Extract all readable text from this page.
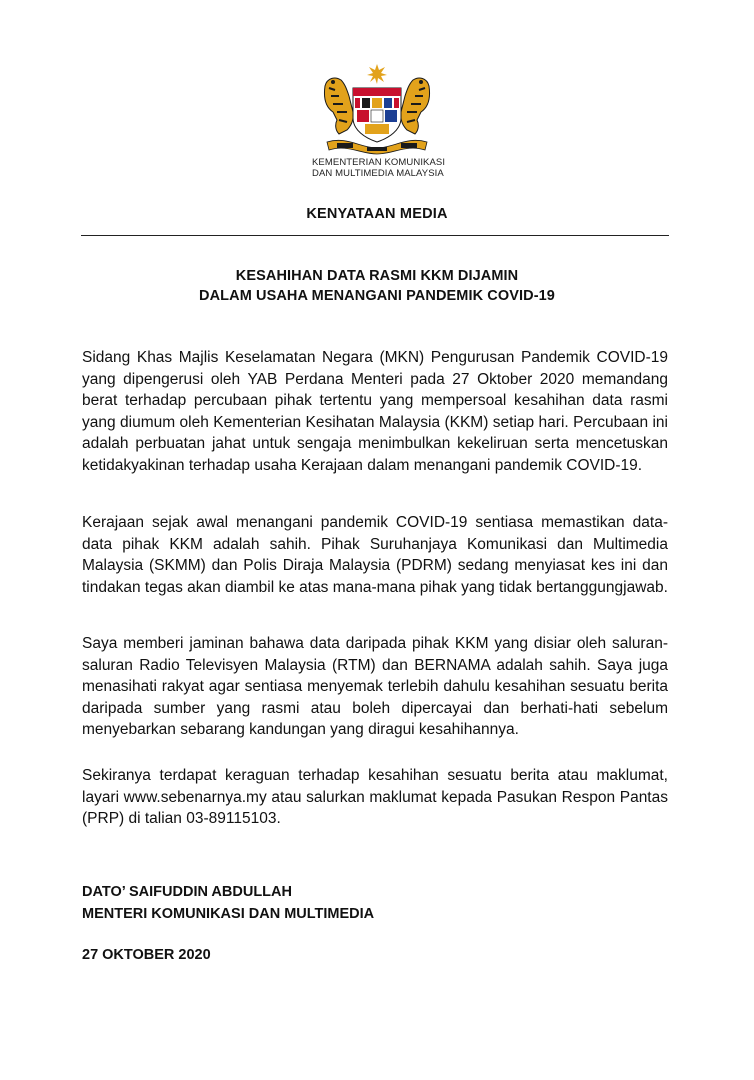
KEMENTERIAN KOMUNIKASI
DAN MULTIMEDIA MALAYSIA
KENYATAAN MEDIA
KESAHIHAN DATA RASMI KKM DIJAMIN
DALAM USAHA MENANGANI PANDEMIK COVID-19

Sidang Khas Majlis Keselamatan Negara (MKN) Pengurusan Pandemik COVID-19 yang dipengerusi oleh YAB Perdana Menteri pada 27 Oktober 2020 memandang berat terhadap percubaan pihak tertentu yang mempersoal kesahihan data rasmi yang diumum oleh Kementerian Kesihatan Malaysia (KKM) setiap hari. Percubaan ini adalah perbuatan jahat untuk sengaja menimbulkan kekeliruan serta mencetuskan ketidakyakinan terhadap usaha Kerajaan dalam menangani pandemik COVID-19.

Kerajaan sejak awal menangani pandemik COVID-19 sentiasa memastikan data-data pihak KKM adalah sahih. Pihak Suruhanjaya Komunikasi dan Multimedia Malaysia (SKMM) dan Polis Diraja Malaysia (PDRM) sedang menyiasat kes ini dan tindakan tegas akan diambil ke atas mana-mana pihak yang tidak bertanggungjawab.

Saya memberi jaminan bahawa data daripada pihak KKM yang disiar oleh saluran-saluran Radio Televisyen Malaysia (RTM) dan BERNAMA adalah sahih. Saya juga menasihati rakyat agar sentiasa menyemak terlebih dahulu kesahihan sesuatu berita daripada sumber yang rasmi atau boleh dipercayai dan berhati-hati sebelum menyebarkan sebarang kandungan yang diragui kesahihannya.

Sekiranya terdapat keraguan terhadap kesahihan sesuatu berita atau maklumat, layari www.sebenarnya.my atau salurkan maklumat kepada Pasukan Respon Pantas (PRP) di talian 03-89115103.

DATO’ SAIFUDDIN ABDULLAH
MENTERI KOMUNIKASI DAN MULTIMEDIA
27 OKTOBER 2020
